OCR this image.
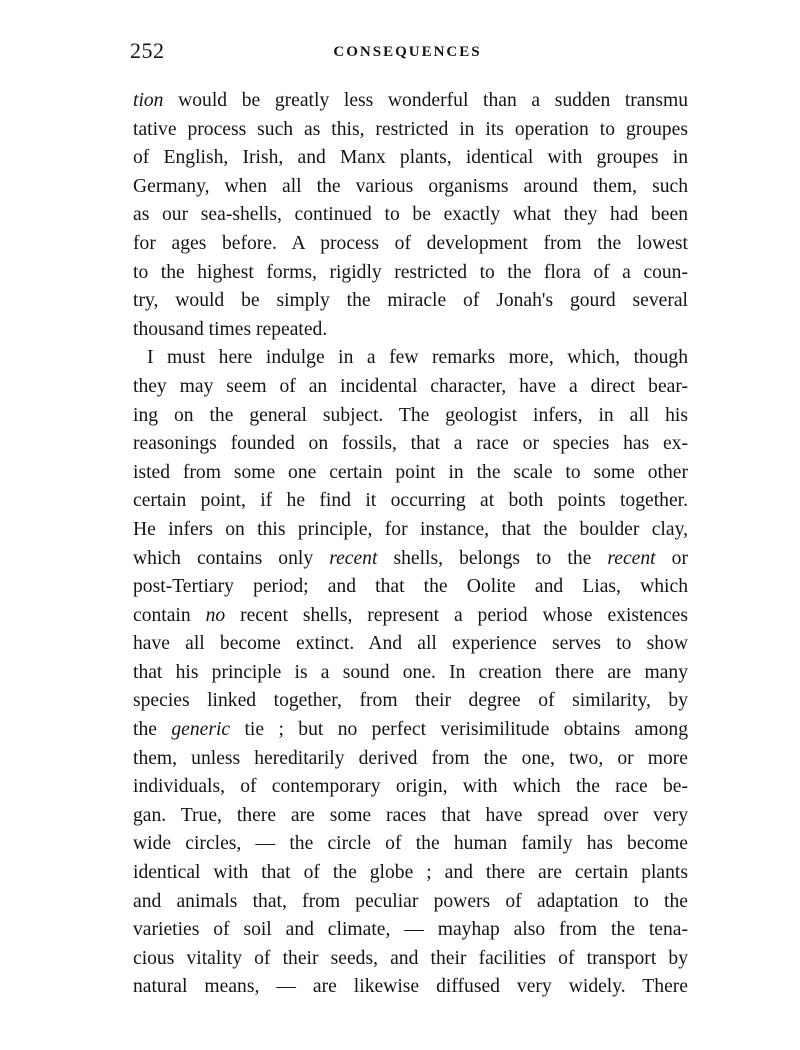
252	CONSEQUENCES
tion would be greatly less wonderful than a sudden transmu
tative process such as this, restricted in its operation to groupes
of English, Irish, and Manx plants, identical with groupes in
Germany, when all the various organisms around them, such
as our sea-shells, continued to be exactly what they had been
for ages before. A process of development from the lowest
to the highest forms, rigidly restricted to the flora of a coun-
try, would be simply the miracle of Jonah's gourd several
thousand times repeated.
I must here indulge in a few remarks more, which, though
they may seem of an incidental character, have a direct bear-
ing on the general subject. The geologist infers, in all his
reasonings founded on fossils, that a race or species has ex-
isted from some one certain point in the scale to some other
certain point, if he find it occurring at both points together.
He infers on this principle, for instance, that the boulder clay,
which contains only recent shells, belongs to the recent or
post-Tertiary period; and that the Oolite and Lias, which
contain no recent shells, represent a period whose existences
have all become extinct. And all experience serves to show
that his principle is a sound one. In creation there are many
species linked together, from their degree of similarity, by
the generic tie ; but no perfect verisimilitude obtains among
them, unless hereditarily derived from the one, two, or more
individuals, of contemporary origin, with which the race be-
gan. True, there are some races that have spread over very
wide circles, — the circle of the human family has become
identical with that of the globe ; and there are certain plants
and animals that, from peculiar powers of adaptation to the
varieties of soil and climate, — mayhap also from the tena-
cious vitality of their seeds, and their facilities of transport by
natural means, — are likewise diffused very widely. There
